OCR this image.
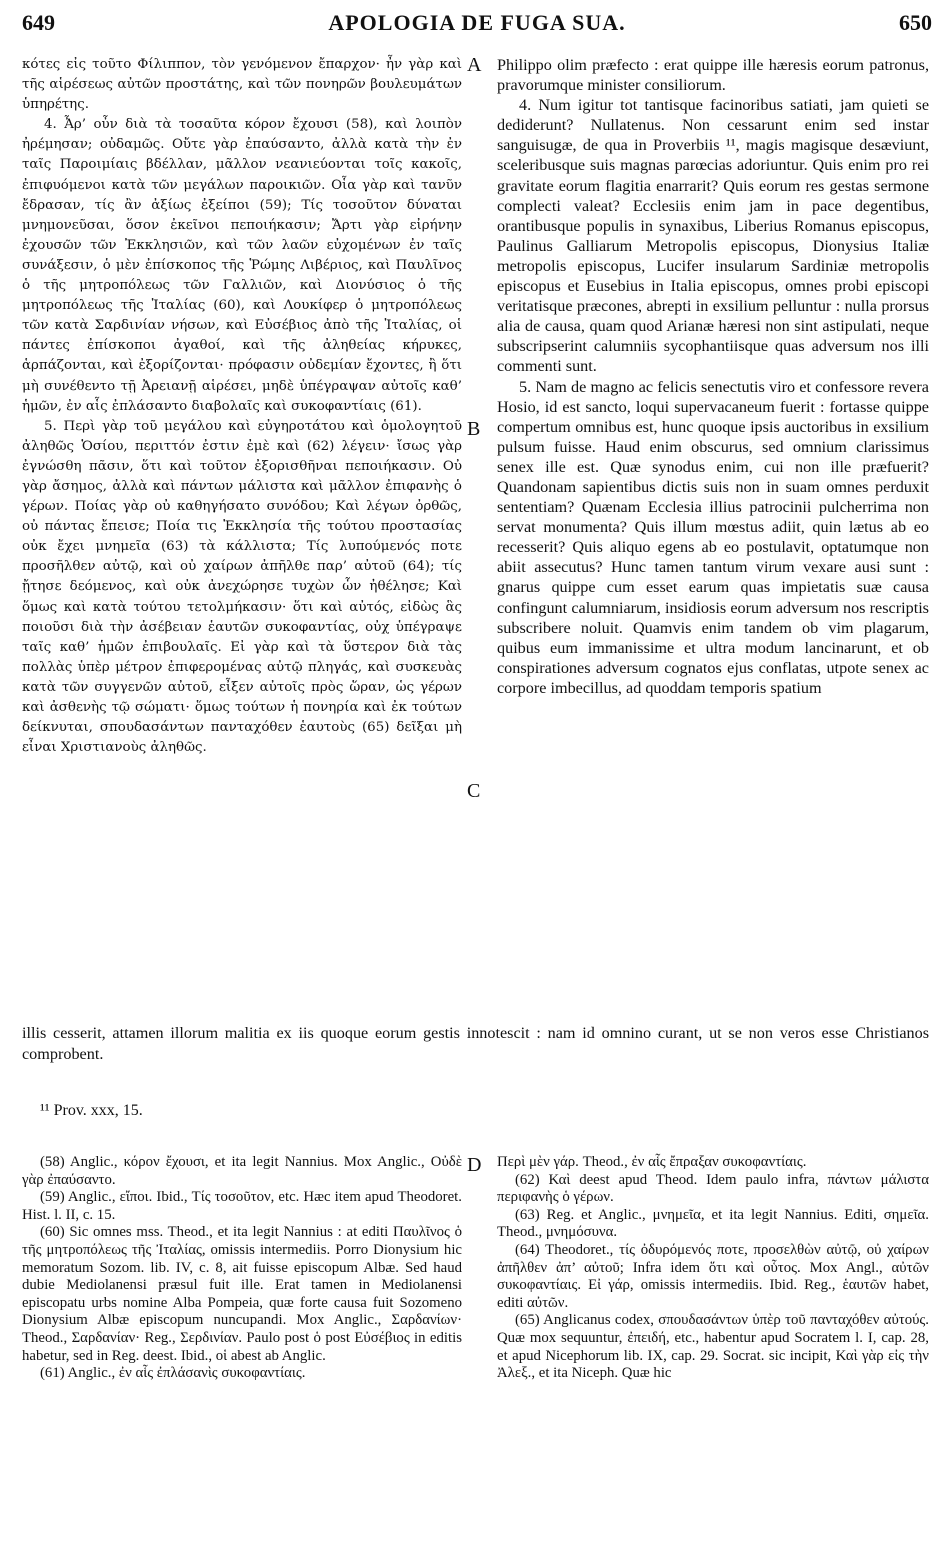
649	APOLOGIA DE FUGA SUA.	650

κότες εἰς τοῦτο Φίλιππον, τὸν γενόμενον ἔπαρχον· ἦν γὰρ καὶ τῆς αἱρέσεως αὐτῶν προστάτης, καὶ τῶν πονηρῶν βουλευμάτων ὑπηρέτης.

4. Ἆρ’ οὖν διὰ τὰ τοσαῦτα κόρον ἔχουσι (58), καὶ λοιπὸν ἠρέμησαν; οὐδαμῶς. Οὔτε γὰρ ἐπαύσαντο, ἀλλὰ κατὰ τὴν ἐν ταῖς Παροιμίαις βδέλλαν, μᾶλλον νεανιεύονται τοῖς κακοῖς, ἐπιφυόμενοι κατὰ τῶν μεγάλων παροικιῶν. Οἷα γὰρ καὶ τανῦν ἔδρασαν, τίς ἂν ἀξίως ἐξείποι (59); Τίς τοσοῦτον δύναται μνημονεῦσαι, ὅσον ἐκεῖνοι πεποιήκασιν; Ἄρτι γὰρ εἰρήνην ἐχουσῶν τῶν Ἐκκλησιῶν, καὶ τῶν λαῶν εὐχομένων ἐν ταῖς συνάξεσιν, ὁ μὲν ἐπίσκοπος τῆς Ῥώμης Λιβέριος, καὶ Παυλῖνος ὁ τῆς μητροπόλεως τῶν Γαλλιῶν, καὶ Διονύσιος ὁ τῆς μητροπόλεως τῆς Ἰταλίας (60), καὶ Λουκίφερ ὁ μητροπόλεως τῶν κατὰ Σαρδινίαν νήσων, καὶ Εὐσέβιος ἀπὸ τῆς Ἰταλίας, οἱ πάντες ἐπίσκοποι ἀγαθοί, καὶ τῆς ἀληθείας κήρυκες, ἁρπάζονται, καὶ ἐξορίζονται· πρόφασιν οὐδεμίαν ἔχοντες, ἢ ὅτι μὴ συνέθεντο τῇ Ἀρειανῇ αἱρέσει, μηδὲ ὑπέγραψαν αὐτοῖς καθ’ ἡμῶν, ἐν αἷς ἐπλάσαντο διαβολαῖς καὶ συκοφαντίαις (61).

5. Περὶ γὰρ τοῦ μεγάλου καὶ εὐγηροτάτου καὶ ὁμολογητοῦ ἀληθῶς Ὁσίου, περιττόν ἐστιν ἐμὲ καὶ (62) λέγειν· ἴσως γὰρ ἐγνώσθη πᾶσιν, ὅτι καὶ τοῦτον ἐξορισθῆναι πεποιήκασιν. Οὐ γὰρ ἄσημος, ἀλλὰ καὶ πάντων μάλιστα καὶ μᾶλλον ἐπιφανὴς ὁ γέρων. Ποίας γὰρ οὐ καθηγήσατο συνόδου; Καὶ λέγων ὀρθῶς, οὐ πάντας ἔπεισε; Ποία τις Ἐκκλησία τῆς τούτου προστασίας οὐκ ἔχει μνημεῖα (63) τὰ κάλλιστα; Τίς λυπούμενός ποτε προσῆλθεν αὐτῷ, καὶ οὐ χαίρων ἀπῆλθε παρ’ αὐτοῦ (64); τίς ᾔτησε δεόμενος, καὶ οὐκ ἀνεχώρησε τυχὼν ὧν ἠθέλησε; Καὶ ὅμως καὶ κατὰ τούτου τετολμήκασιν· ὅτι καὶ αὐτός, εἰδὼς ἃς ποιοῦσι διὰ τὴν ἀσέβειαν ἑαυτῶν συκοφαντίας, οὐχ ὑπέγραψε ταῖς καθ’ ἡμῶν ἐπιβουλαῖς. Εἰ γὰρ καὶ τὰ ὕστερον διὰ τὰς πολλὰς ὑπὲρ μέτρον ἐπιφερομένας αὐτῷ πληγάς, καὶ συσκευὰς κατὰ τῶν συγγενῶν αὐτοῦ, εἶξεν αὐτοῖς πρὸς ὥραν, ὡς γέρων καὶ ἀσθενὴς τῷ σώματι· ὅμως τούτων ἡ πονηρία καὶ ἐκ τούτων δείκνυται, σπουδασάντων πανταχόθεν ἑαυτοὺς (65) δεῖξαι μὴ εἶναι Χριστιανοὺς ἀληθῶς.

A
B
C
D

Philippo olim præfecto : erat quippe ille hæresis eorum patronus, pravorumque minister consiliorum.

4. Num igitur tot tantisque facinoribus satiati, jam quieti se dediderunt? Nullatenus. Non cessarunt enim sed instar sanguisugæ, de qua in Proverbiis ¹¹, magis magisque desæviunt, sceleribusque suis magnas parœcias adoriuntur. Quis enim pro rei gravitate eorum flagitia enarrarit? Quis eorum res gestas sermone complecti valeat? Ecclesiis enim jam in pace degentibus, orantibusque populis in synaxibus, Liberius Romanus episcopus, Paulinus Galliarum Metropolis episcopus, Dionysius Italiæ metropolis episcopus, Lucifer insularum Sardiniæ metropolis episcopus et Eusebius in Italia episcopus, omnes probi episcopi veritatisque præcones, abrepti in exsilium pelluntur : nulla prorsus alia de causa, quam quod Arianæ hæresi non sint astipulati, neque subscripserint calumniis sycophantiisque quas adversum nos illi commenti sunt.

5. Nam de magno ac felicis senectutis viro et confessore revera Hosio, id est sancto, loqui supervacaneum fuerit : fortasse quippe compertum omnibus est, hunc quoque ipsis auctoribus in exsilium pulsum fuisse. Haud enim obscurus, sed omnium clarissimus senex ille est. Quæ synodus enim, cui non ille præfuerit? Quandonam sapientibus dictis suis non in suam omnes perduxit sententiam? Quænam Ecclesia illius patrocinii pulcherrima non servat monumenta? Quis illum mœstus adiit, quin lætus ab eo recesserit? Quis aliquo egens ab eo postulavit, optatumque non abiit assecutus? Hunc tamen tantum virum vexare ausi sunt : gnarus quippe cum esset earum quas impietatis suæ causa confingunt calumniarum, insidiosis eorum adversum nos rescriptis subscribere noluit. Quamvis enim tandem ob vim plagarum, quibus eum immanissime et ultra modum lancinarunt, et ob conspirationes adversum cognatos ejus conflatas, utpote senex ac corpore imbecillus, ad quoddam temporis spatium

illis cesserit, attamen illorum malitia ex iis quoque eorum gestis innotescit : nam id omnino curant, ut se non veros esse Christianos comprobent.

¹¹ Prov. xxx, 15.

(58) Anglic., κόρον ἔχουσι, et ita legit Nannius. Mox Anglic., Οὐδὲ γὰρ ἐπαύσαντο.

(59) Anglic., εἴποι. Ibid., Τίς τοσοῦτον, etc. Hæc item apud Theodoret. Hist. l. II, c. 15.

(60) Sic omnes mss. Theod., et ita legit Nannius : at editi Παυλῖνος ὁ τῆς μητροπόλεως τῆς Ἰταλίας, omissis intermediis. Porro Dionysium hic memoratum Sozom. lib. IV, c. 8, ait fuisse episcopum Albæ. Sed haud dubie Mediolanensi præsul fuit ille. Erat tamen in Mediolanensi episcopatu urbs nomine Alba Pompeia, quæ forte causa fuit Sozomeno Dionysium Albæ episcopum nuncupandi. Mox Anglic., Σαρδανίων· Theod., Σαρδανίαν· Reg., Σερδινίαν. Paulo post ὁ post Εὐσέβιος in editis habetur, sed in Reg. deest. Ibid., οἱ abest ab Anglic.

(61) Anglic., ἐν αἷς ἐπλάσανὶς συκοφαντίαις.

Περὶ μὲν γάρ. Theod., ἐν αἷς ἔπραξαν συκοφαντίαις.

(62) Καὶ deest apud Theod. Idem paulo infra, πάντων μάλιστα περιφανὴς ὁ γέρων.

(63) Reg. et Anglic., μνημεῖα, et ita legit Nannius. Editi, σημεῖα. Theod., μνημόσυνα.

(64) Theodoret., τίς ὀδυρόμενός ποτε, προσελθὼν αὐτῷ, οὐ χαίρων ἀπῆλθεν ἀπ’ αὐτοῦ; Infra idem ὅτι καὶ οὗτος. Mox Angl., αὐτῶν συκοφαντίαις. Εἰ γάρ, omissis intermediis. Ibid. Reg., ἑαυτῶν habet, editi αὐτῶν.

(65) Anglicanus codex, σπουδασάντων ὑπὲρ τοῦ πανταχόθεν αὐτούς. Quæ mox sequuntur, ἐπειδή, etc., habentur apud Socratem l. I, cap. 28, et apud Nicephorum lib. IX, cap. 29. Socrat. sic incipit, Καὶ γὰρ εἰς τὴν Ἀλεξ., et ita Niceph. Quæ hic
